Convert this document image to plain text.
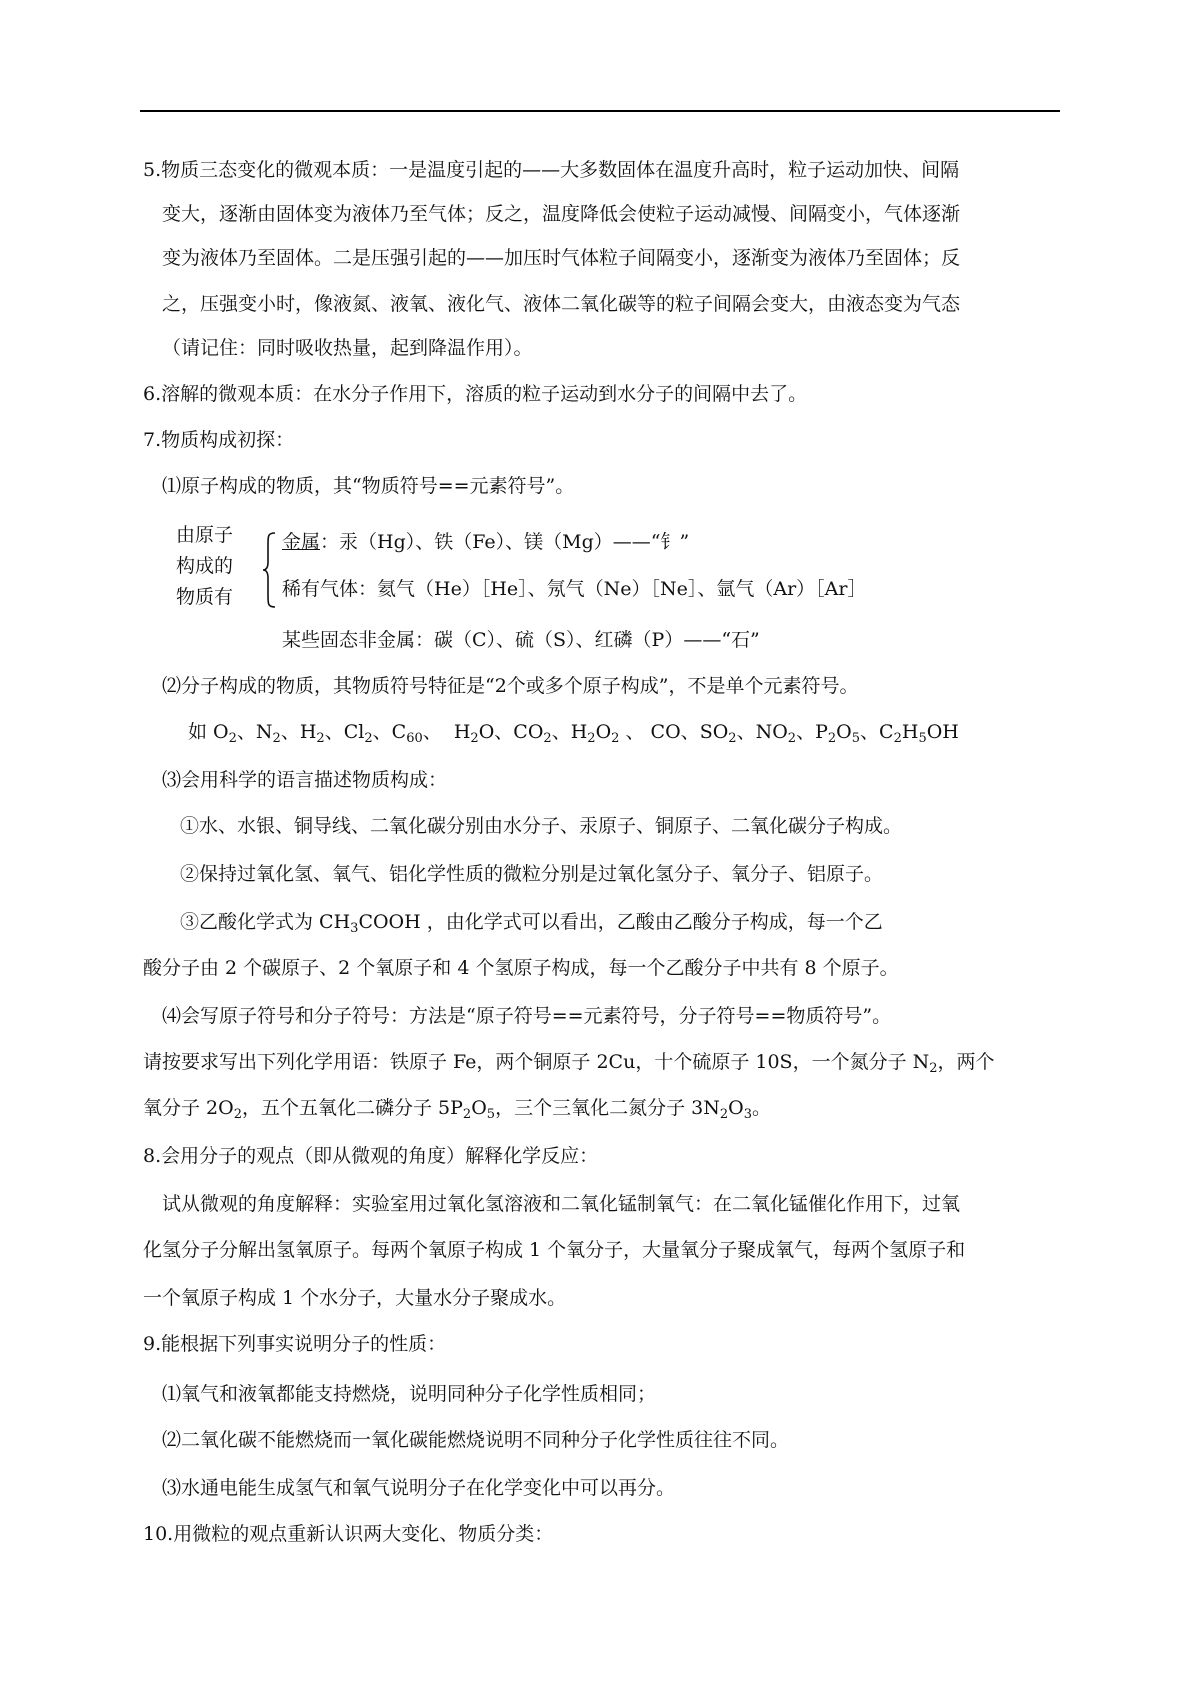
5.物质三态变化的微观本质：一是温度引起的——大多数固体在温度升高时，粒子运动加快、间隔
变大，逐渐由固体变为液体乃至气体；反之，温度降低会使粒子运动减慢、间隔变小，气体逐渐
变为液体乃至固体。二是压强引起的——加压时气体粒子间隔变小，逐渐变为液体乃至固体；反
之，压强变小时，像液氮、液氧、液化气、液体二氧化碳等的粒子间隔会变大，由液态变为气态
（请记住：同时吸收热量，起到降温作用）。
6.溶解的微观本质：在水分子作用下，溶质的粒子运动到水分子的间隔中去了。
7.物质构成初探：
⑴原子构成的物质，其“物质符号==元素符号”。
由原子
构成的
物质有
金属：汞（Hg）、铁（Fe）、镁（Mg）——“钅”
稀有气体：氦气（He）［He］、氖气（Ne）［Ne］、氩气（Ar）［Ar］
某些固态非金属：碳（C）、硫（S）、红磷（P）——“石”
⑵分子构成的物质，其物质符号特征是“2个或多个原子构成”，不是单个元素符号。
如 $O_2$、$N_2$、$H_2$、$Cl_2$、$C_{60}$、 $H_2O$、$CO_2$、$H_2O_2$ 、 CO、$SO_2$、$NO_2$、$P_2O_5$、$C_2H_5OH$
⑶会用科学的语言描述物质构成：
①水、水银、铜导线、二氧化碳分别由水分子、汞原子、铜原子、二氧化碳分子构成。
②保持过氧化氢、氧气、铝化学性质的微粒分别是过氧化氢分子、氧分子、铝原子。
③乙酸化学式为 $CH_3COOH$ ，由化学式可以看出，乙酸由乙酸分子构成，每一个乙
酸分子由 2 个碳原子、2 个氧原子和 4 个氢原子构成，每一个乙酸分子中共有 8 个原子。
⑷会写原子符号和分子符号：方法是“原子符号==元素符号，分子符号==物质符号”。
请按要求写出下列化学用语：铁原子 Fe，两个铜原子 2Cu，十个硫原子 10S，一个氮分子 $N_2$，两个
氧分子 $2O_2$，五个五氧化二磷分子 $5P_2O_5$，三个三氧化二氮分子 $3N_2O_3$。
8.会用分子的观点（即从微观的角度）解释化学反应：
试从微观的角度解释：实验室用过氧化氢溶液和二氧化锰制氧气：在二氧化锰催化作用下，过氧
化氢分子分解出氢氧原子。每两个氧原子构成 1 个氧分子，大量氧分子聚成氧气，每两个氢原子和
一个氧原子构成 1 个水分子，大量水分子聚成水。
9.能根据下列事实说明分子的性质：
⑴氧气和液氧都能支持燃烧，说明同种分子化学性质相同；
⑵二氧化碳不能燃烧而一氧化碳能燃烧说明不同种分子化学性质往往不同。
⑶水通电能生成氢气和氧气说明分子在化学变化中可以再分。
10.用微粒的观点重新认识两大变化、物质分类：
